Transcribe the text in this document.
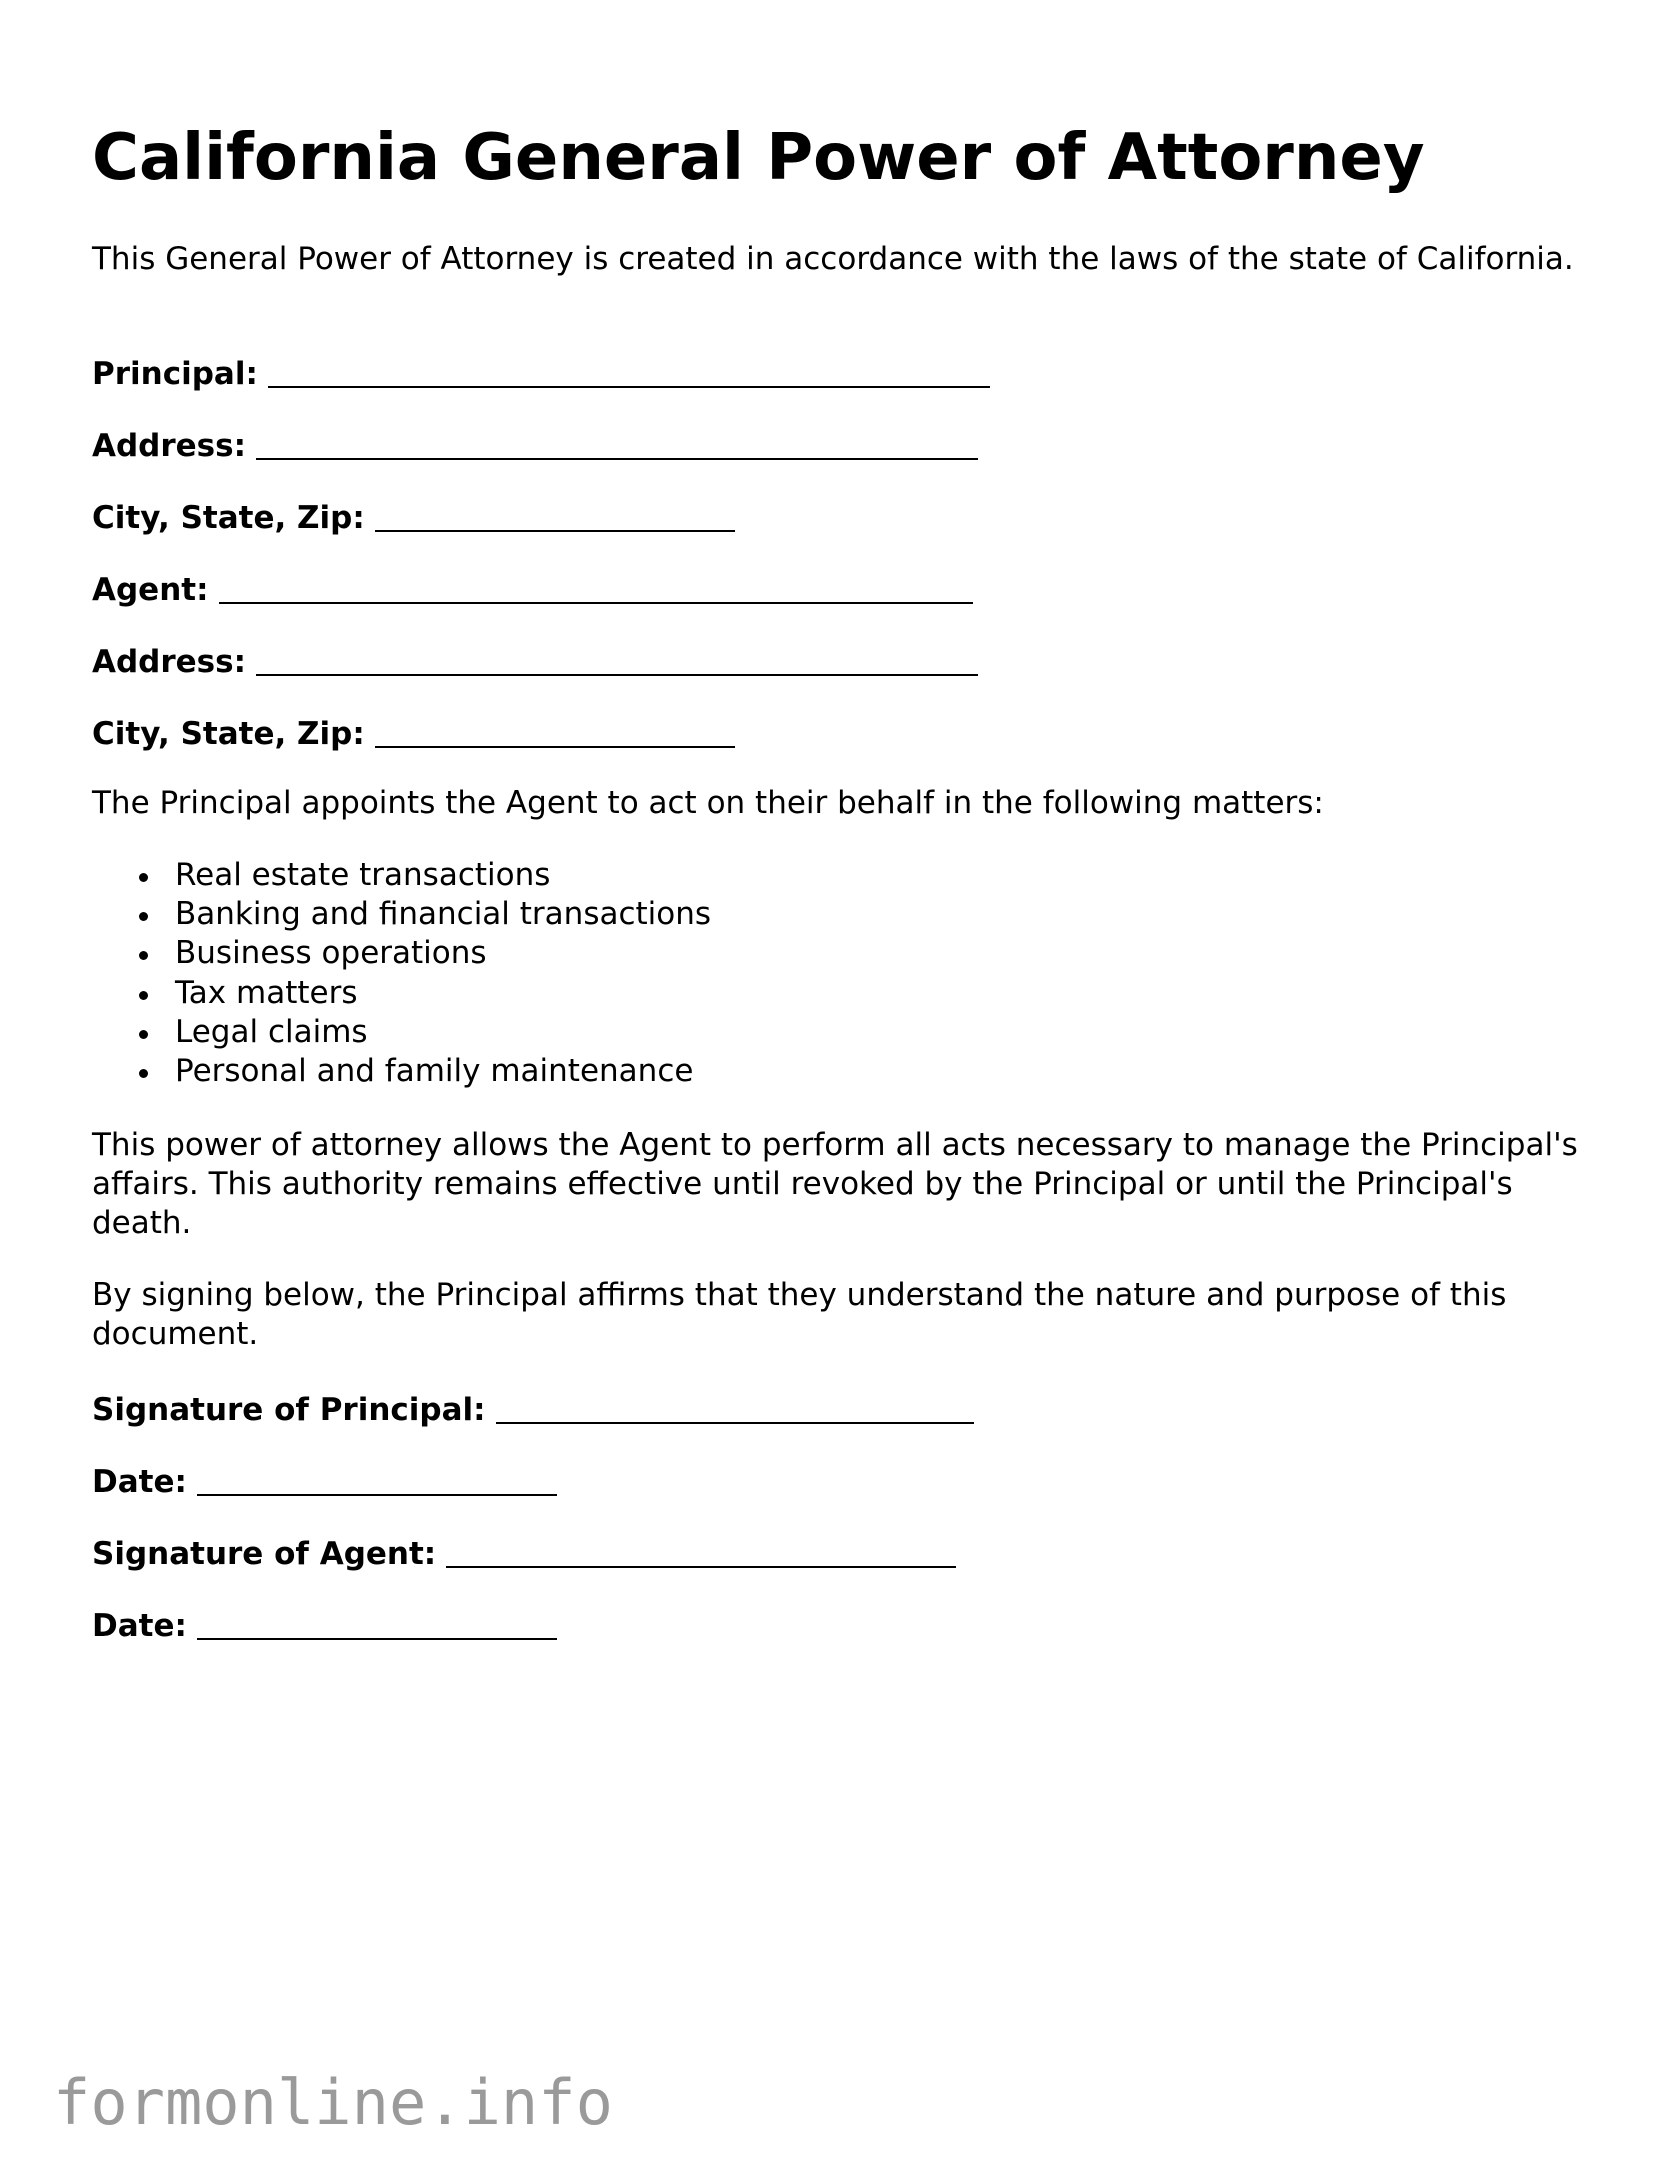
California General Power of Attorney

This General Power of Attorney is created in accordance with the laws of the state of California.

Principal:
Address:
City, State, Zip:
Agent:
Address:
City, State, Zip:

The Principal appoints the Agent to act on their behalf in the following matters:

Real estate transactions
Banking and financial transactions
Business operations
Tax matters
Legal claims
Personal and family maintenance

This power of attorney allows the Agent to perform all acts necessary to manage the Principal's affairs. This authority remains effective until revoked by the Principal or until the Principal's death.

By signing below, the Principal affirms that they understand the nature and purpose of this document.

Signature of Principal:
Date:
Signature of Agent:
Date:
formonline.info
